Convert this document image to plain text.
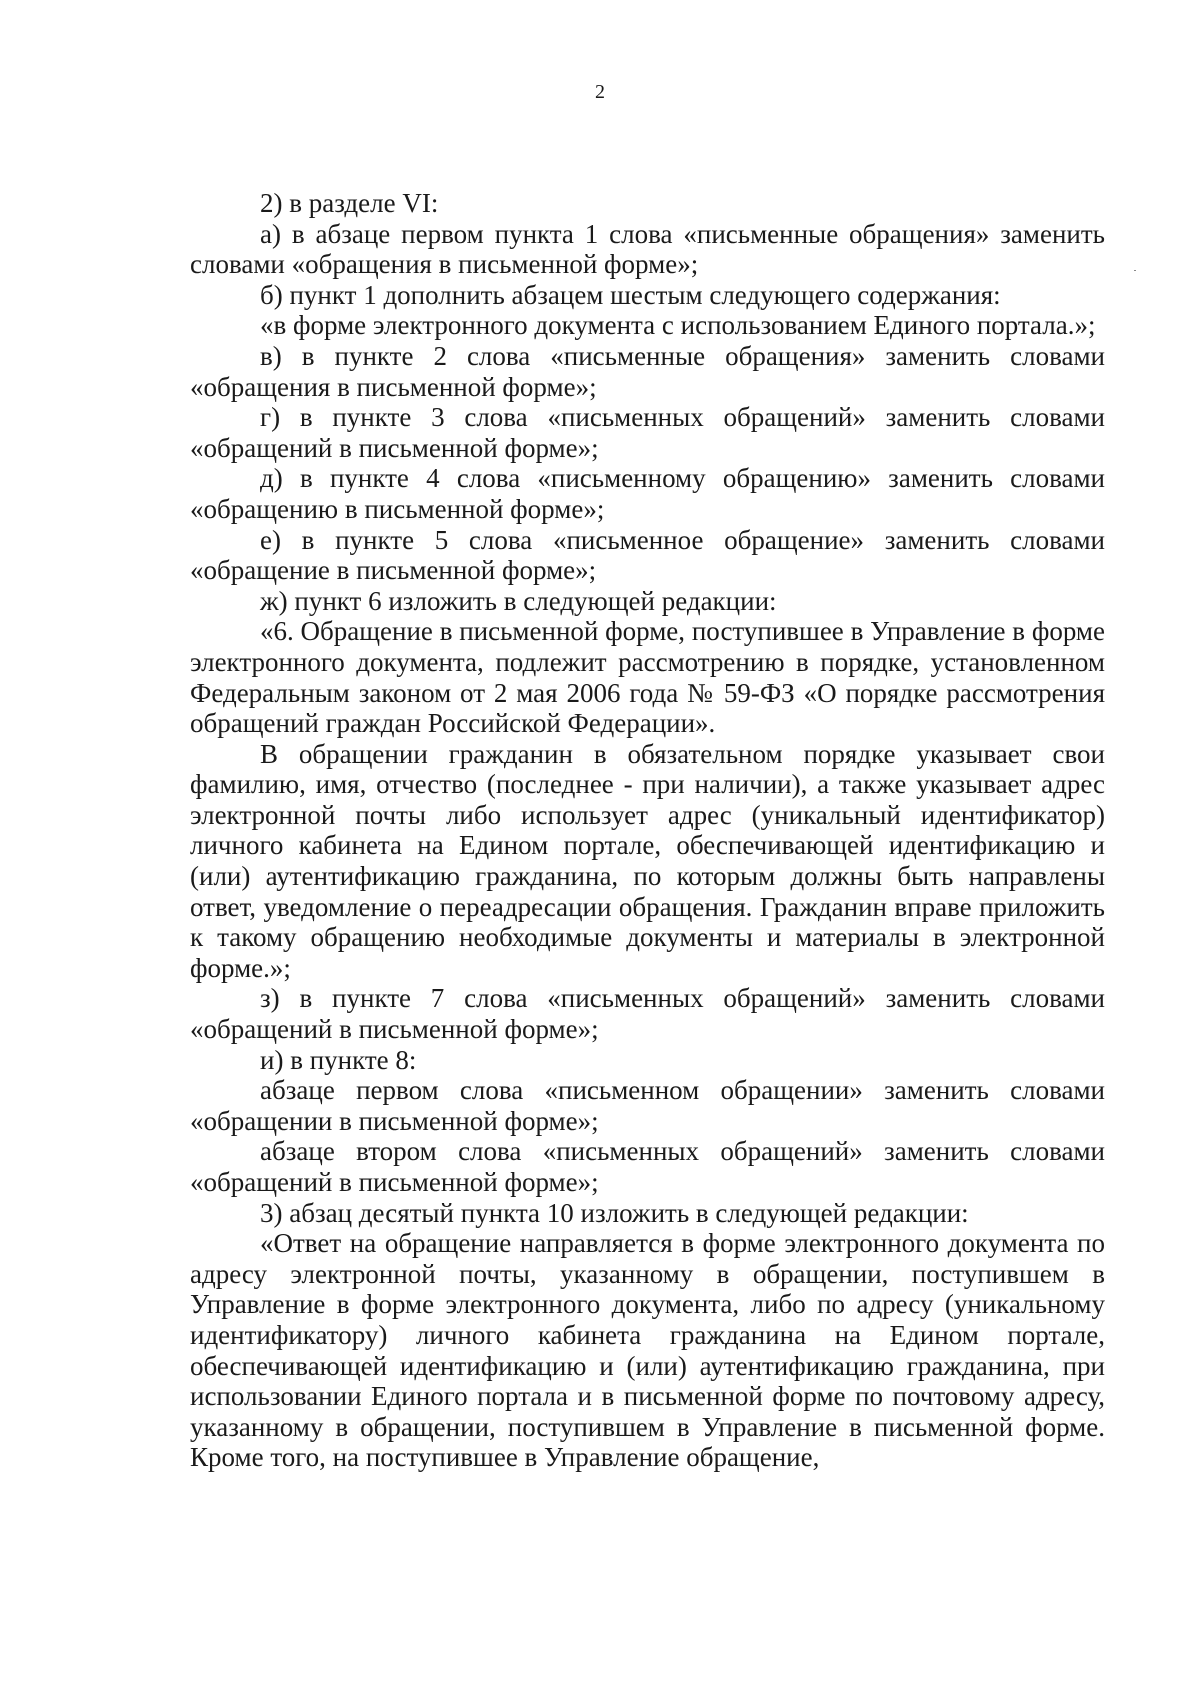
2

2) в разделе VI:

а) в абзаце первом пункта 1 слова «письменные обращения» заменить словами «обращения в письменной форме»;

б) пункт 1 дополнить абзацем шестым следующего содержания:

«в форме электронного документа с использованием Единого портала.»;

в) в пункте 2 слова «письменные обращения» заменить словами «обращения в письменной форме»;

г) в пункте 3 слова «письменных обращений» заменить словами «обращений в письменной форме»;

д) в пункте 4 слова «письменному обращению» заменить словами «обращению в письменной форме»;

е) в пункте 5 слова «письменное обращение» заменить словами «обращение в письменной форме»;

ж) пункт 6 изложить в следующей редакции:

«6. Обращение в письменной форме, поступившее в Управление в форме электронного документа, подлежит рассмотрению в порядке, установленном Федеральным законом от 2 мая 2006 года № 59-ФЗ «О порядке рассмотрения обращений граждан Российской Федерации».

В обращении гражданин в обязательном порядке указывает свои фамилию, имя, отчество (последнее - при наличии), а также указывает адрес электронной почты либо использует адрес (уникальный идентификатор) личного кабинета на Едином портале, обеспечивающей идентификацию и (или) аутентификацию гражданина, по которым должны быть направлены ответ, уведомление о переадресации обращения. Гражданин вправе приложить к такому обращению необходимые документы и материалы в электронной форме.»;

з) в пункте 7 слова «письменных обращений» заменить словами «обращений в письменной форме»;

и) в пункте 8:

абзаце первом слова «письменном обращении» заменить словами «обращении в письменной форме»;

абзаце втором слова «письменных обращений» заменить словами «обращений в письменной форме»;

3) абзац десятый пункта 10 изложить в следующей редакции:

«Ответ на обращение направляется в форме электронного документа по адресу электронной почты, указанному в обращении, поступившем в Управление в форме электронного документа, либо по адресу (уникальному идентификатору) личного кабинета гражданина на Едином портале, обеспечивающей идентификацию и (или) аутентификацию гражданина, при использовании Единого портала и в письменной форме по почтовому адресу, указанному в обращении, поступившем в Управление в письменной форме. Кроме того, на поступившее в Управление обращение,
